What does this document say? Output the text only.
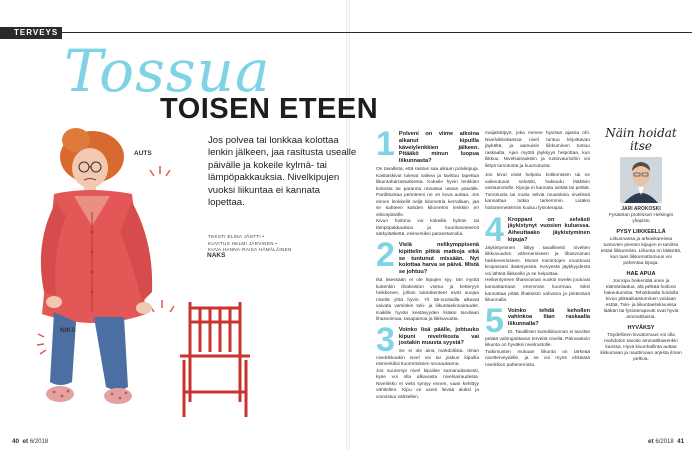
TERVEYS
Tossua
TOISEN ETEEN
AUTS
NAKS
NIKS
Jos polvea tai lonkkaa kolottaa lenkin jälkeen, jaa rasitusta usealle päivälle ja kokeile kylmä- tai lämpöpakkauksia. Nivelkipujen vuoksi liikuntaa ei kannata lopettaa.
TEKSTI ELINA JÄNTTI •
KUVITUS HELMI JÄRVINEN •
KUVA HANNA-RAISA HÄMÄLÄINEN
1 Polveni on viime aikoina alkanut kipuilla kävelylenkkien jälkeen. Pitääkö minun luopua liikunnasta?
On tavallista, että rasitus saa aikaan polvikipuja. Kasitaskivut tulevat vaikea ja tavittuu tapettua liikuntaharrastuksesta. Kokeile hyvin lenkkien koitosta tai paranna rinnassa usean päivälle. Pardittuntaa perinteeni ne on kuva auttaa. Jos ennen lenkkeilit neljä kilometria kerrallaan, jaa se kahteen kahden kilometrin lenkkiin eri viikonpäiville.
Kivun hoitona voi kokeilla kylmä- tai lämpöpakkauksia ja kuurilusonteenit särkylääkettä, esimerkiksi parasetamolia.
2 Vielä nelikymppisenä kipittelin pitkiä matkoja eikä se tuntunut missään. Nyt kolottaa harva se päivä. Mistä se johtuu?
Ikä itsessään ei ole kipujen syy. Iän myötä kuitenkin lihaksiston voima ja ketteryys heikkenee, jolloin tukirakenteet eivät suojaa niveliä yhtä hyvin. Yli 55-vuotiailla alkavat vaivata varsinkin tuki- ja liikuntaelinsairaudet. Kaikille hyvän kestävyyden lisäksi tarvitaan lihasvoimaa, tasapainoa ja liikkuvuutta.
3 Voinko lisä päälle, johtuuko kipuni nivelrikosta vai jostakin muusta syystä?
Se ei ole aina mahdollista. Ilman nivelrikkoakin nivel voi tai joskus kipuilla esimerkiksi kuormituksen seurauksena.
Jos suurempi nivel kipuilee samanaikaisesti, kyse voi olla alkavasta nivelsairaudesta. Nivelrikko ei vielä syntyy ennen, vaan kehittyy vähitellen. Kipu on usein lievää aluksi ja voimistuu vähitellen.
maijaksitpyö, joka menee hyvissä ajassa ohi. Nivelvikkoksessa nivel tuntuu kirjoittavan jäykältä, ja aamuisin liikkuminen tuntuu raskaalta. Ajan myötä jäykkyys helpottaa, kun liikkuu. Nivelsairauksiin ja rustovaurioihin voi liittyä turvotusta ja kuumotusta.
Jos kivut eivät helpotu kotikonstein tai ne vaikeutuvat selvästi, hakeudu lääkärin vastaanotolle. Kipuja ei kannata sietää tai pelätä. Turvotusta tai muita selviä muutoksia nivelissä kannattaa tutkia tarkemmin. Lisäksi hoitomenetelmiin kuuluu fysioterapia.
4 Kroppani on selvästi jäykistynyt vuosien kuluessa. Aiheuttaako jäykistyminen kipuja?
Jäykistyminen liittyy tavallisesti nivelten liikkuvuuden vähenemiseen ja lihasvoiman heikkenemiseen. Monet toimintojen muuttuvat kropassasi ikääntyessä. Kevyestä jäykkyydestä voi lähteä liikkeelle ja se helpottaa.
Heikentyneen lihasvoiman vuoksi nivelet joutuvat kannattamaan enemmän kuormaa. Siksi kannattaa pitää lihaksisto vahvana ja jäntevänä liikunnalla.
5 Voinko tehdä kehollen vahinkoa liian raskaalla liikunnalla?
Et. Tavallisen kuntoliikunnan ei tarvitse pelätä vahingoittavan terveitä niveliä. Päinvastoin liikunta on hyväksi nivelrustolle.
Tutkimusten mukaan liikunta on tärkeää nivelterveydelle, ja se voi myös ehkäistä nivelrikon pahenemista.
Näin hoidat itse
JARI AROKOSKI
Fysiatrian professori Helsingin yliopisto
PYSY LIIKKEELLÄ
Liikunnassa ja arkiaskareissa tuntuvien pienten kipujen ei tarvitse estää liikkumista. Liikunta on lääkettä, kun taas liikkumattomuus voi pahentaa kipuja.
HAE APUA
Jos kipu heikentää unen ja elämänlaatua, älä pelkää hoitoon hakeutumista. Tehokkaalla hoidolla kivun pitkäaikaistuminen voidaan estää. Tuki- ja liikuntaelinkivuissa lääkäri tai fysioterapeutti ovat hyviä ammattilaisia.
HYVÄKSY
Täydellinen kivuttomuus voi olla mahdoton tavoite ammattilaisenkin kanssa. Hyvä kivunhallinta auttaa liikkumaan ja nauttimaan arjesta ilman pelkoa.
40 et 6/2018	et 6/2018 41
